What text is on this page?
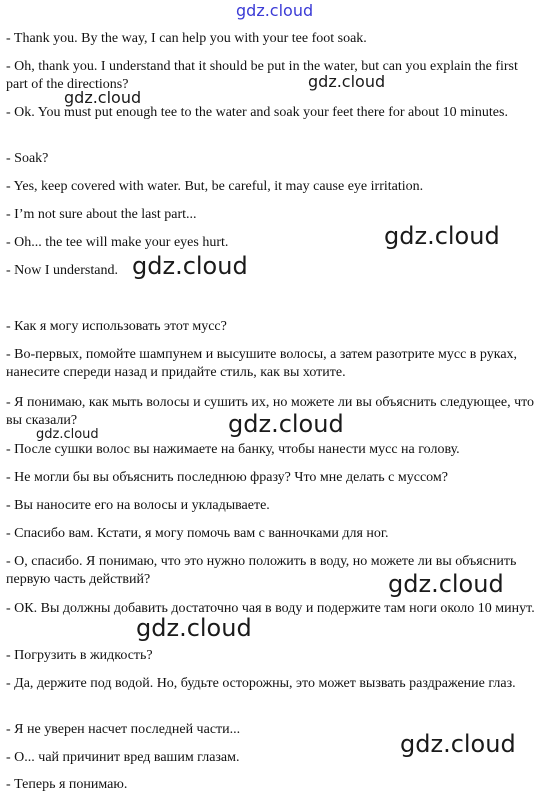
gdz.cloud

- Thank you. By the way, I can help you with your tee foot soak.

- Oh, thank you. I understand that it should be put in the water, but can you explain the first part of the directions?

- Ok. You must put enough tee to the water and soak your feet there for about 10 minutes.

- Soak?

- Yes, keep covered with water. But, be careful, it may cause eye irritation.

- I’m not sure about the last part...

- Oh... the tee will make your eyes hurt.

- Now I understand.

- Как я могу использовать этот мусс?

- Во-первых, помойте шампунем и высушите волосы, а затем разотрите мусс в руках, нанесите спереди назад и придайте стиль, как вы хотите.

- Я понимаю, как мыть волосы и сушить их, но можете ли вы объяснить следующее, что вы сказали?

- После сушки волос вы нажимаете на банку, чтобы нанести мусс на голову.

- Не могли бы вы объяснить последнюю фразу? Что мне делать с муссом?

- Вы наносите его на волосы и укладываете.

- Спасибо вам. Кстати, я могу помочь вам с ванночками для ног.

- О, спасибо. Я понимаю, что это нужно положить в воду, но можете ли вы объяснить первую часть действий?

- ОК. Вы должны добавить достаточно чая в воду и подержите там ноги около 10 минут.

- Погрузить в жидкость?

- Да, держите под водой. Но, будьте осторожны, это может вызвать раздражение глаз.

- Я не уверен насчет последней части...

- О... чай причинит вред вашим глазам.

- Теперь я понимаю.

gdz.cloud
gdz.cloud
gdz.cloud
gdz.cloud
gdz.cloud
gdz.cloud
gdz.cloud
gdz.cloud
gdz.cloud
